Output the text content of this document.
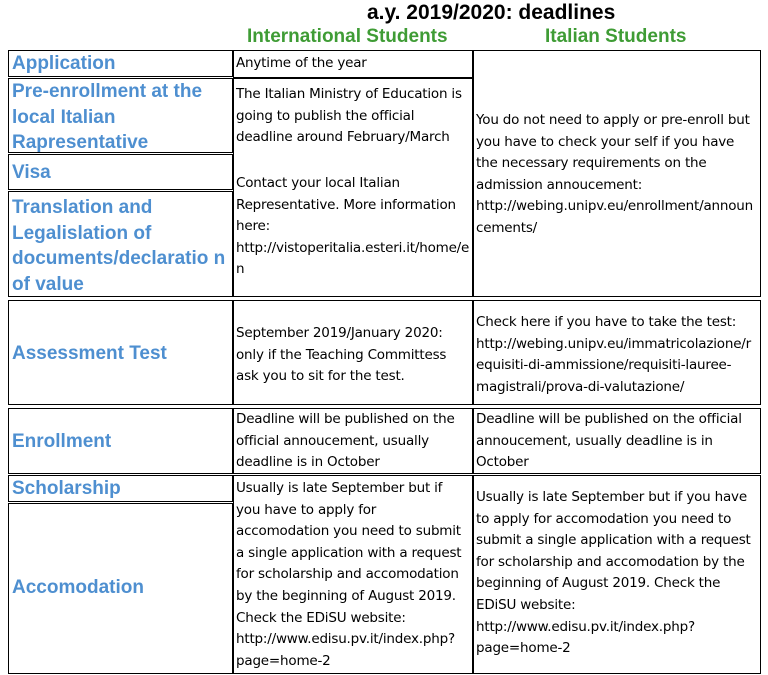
a.y. 2019/2020: deadlines
International Students	Italian Students
Application
Pre-enrollment at the local Italian Rapresentative
Visa
Translation and Legalislation of documents/declaratio n of value
Assessment Test
Enrollment
Scholarship
Accomodation
Anytime of the year
The Italian Ministry of Education is going to publish the official deadline around February/March
Contact your local Italian Representative. More information here: http://vistoperitalia.esteri.it/home/en
September 2019/January 2020: only if the Teaching Committess ask you to sit for the test.
Deadline will be published on the official annoucement, usually deadline is in October
Usually is late September but if you have to apply for accomodation you need to submit a single application with a request for scholarship and accomodation by the beginning of August 2019. Check the EDiSU website: http://www.edisu.pv.it/index.php?page=home-2
You do not need to apply or pre-enroll but you have to check your self if you have the necessary requirements on the admission annoucement: http://webing.unipv.eu/enrollment/announcements/
Check here if you have to take the test: http://webing.unipv.eu/immatricolazione/requisiti-di-ammissione/requisiti-lauree-magistrali/prova-di-valutazione/
Deadline will be published on the official annoucement, usually deadline is in October
Usually is late September but if you have to apply for accomodation you need to submit a single application with a request for scholarship and accomodation by the beginning of August 2019. Check the EDiSU website: http://www.edisu.pv.it/index.php?page=home-2
